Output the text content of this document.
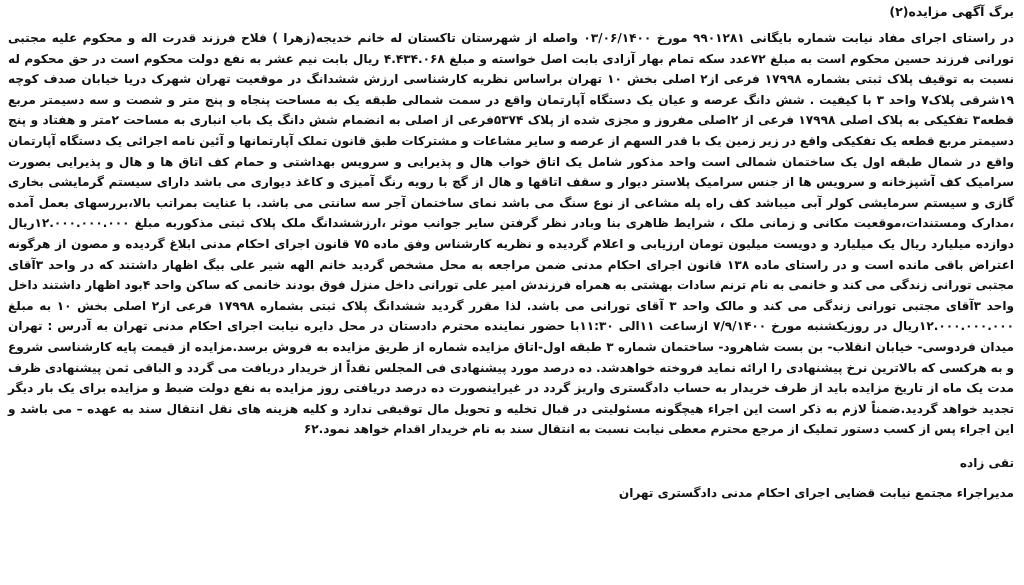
برگ آگهی مزایده(۲)

در راستای اجرای مفاد نیابت شماره بایگانی ۹۹۰۱۲۸۱ مورخ ۰۳/۰۶/۱۴۰۰ واصله از شهرستان تاکستان له خانم خدیجه(زهرا ) فلاح فرزند قدرت اله و محکوم علیه مجتبی تورانی فرزند حسین محکوم است به مبلغ ۷۲عدد سکه تمام بهار آزادی بابت اصل خواسته و مبلغ ۴.۴۳۴.۰۶۸ ریال بابت نیم عشر به نفع دولت محکوم است در حق محکوم له نسبت به توقیف پلاک ثبتی بشماره ۱۷۹۹۸ فرعی از۲ اصلی بخش ۱۰ تهران براساس نظریه کارشناسی ارزش ششدانگ در موقعیت تهران شهرک دریا خیابان صدف کوچه ۱۹شرقی پلاک۷ واحد ۳ با کیفیت . شش دانگ عرصه و عیان یک دستگاه آپارتمان واقع در سمت شمالی طبقه یک به مساحت پنجاه و پنج متر و شصت و سه دسیمتر مربع قطعه۳ تفکیکی به پلاک اصلی ۱۷۹۹۸ فرعی از ۲اصلی مفروز و مجزی شده از پلاک ۵۳۷۴فرعی از اصلی به انضمام شش دانگ یک باب انباری به مساحت ۲متر و هفتاد و پنج دسیمتر مربع قطعه یک تفکیکی واقع در زیر زمین یک با قدر السهم از عرصه و سایر مشاعات و مشترکات طبق قانون تملک آپارتمانها و آئین نامه اجرائی یک دستگاه آپارتمان واقع در شمال طبقه اول یک ساختمان شمالی است واحد مذکور شامل یک اتاق خواب هال و پذیرایی و سرویس بهداشتی و حمام کف اتاق ها و هال و پذیرایی بصورت سرامیک کف آشپزخانه و سرویس ها از جنس سرامیک پلاستر دیوار و سقف اتاقها و هال از گچ با رویه رنگ آمیزی و کاغذ دیواری می باشد دارای سیستم گرمایشی بخاری گازی و سیستم سرمایشی کولر آبی میباشد کف راه پله مشاعی از نوع سنگ می باشد نمای ساختمان آجر سه سانتی می باشد. با عنایت بمراتب بالا،بررسهای بعمل آمده ،مدارک ومستندات،موقعیت مکانی و زمانی ملک ، شرایط ظاهری بنا وبادر نظر گرفتن سایر جوانب موثر ،ارزششدانگ ملک پلاک ثبتی مذکوربه مبلغ ۱۲.۰۰۰.۰۰۰.۰۰۰ریال دوازده میلیارد ریال یک میلیارد و دویست میلیون تومان ارزیابی و اعلام گردیده و نظریه کارشناس وفق ماده ۷۵ قانون اجرای احکام مدنی ابلاغ گردیده و مصون از هرگونه اعتراض باقی مانده است و در راستای ماده ۱۳۸ قانون اجرای احکام مدنی ضمن مراجعه به محل مشخص گردید خانم الهه شیر علی بیگ اظهار داشتند که در واحد ۳آقای مجتبی تورانی زندگی می کند و خانمی به نام ترنم سادات بهشتی به همراه فرزندش امیر علی تورانی داخل منزل فوق بودند خانمی که ساکن واحد ۴بود اظهار داشتند داخل واحد ۳آقای مجتبی تورانی زندگی می کند و مالک واحد ۳ آقای تورانی می باشد. لذا مقرر گردید ششدانگ پلاک ثبتی بشماره ۱۷۹۹۸ فرعی از۲ اصلی بخش ۱۰ به مبلغ ۱۲.۰۰۰.۰۰۰.۰۰۰ریال در روزیکشنبه مورخ ۷/۹/۱۴۰۰ ازساعت ۱۱الی ۱۱:۳۰با حضور نماینده محترم دادستان در محل دایره نیابت اجرای احکام مدنی تهران به آدرس : تهران میدان فردوسی- خیابان انقلاب- بن بست شاهرود- ساختمان شماره ۳ طبقه اول-اتاق مزایده شماره از طریق مزایده به فروش برسد.مزایده از قیمت پایه کارشناسی شروع و به هرکسی که بالاترین نرخ پیشنهادی را ارائه نماید فروخته خواهدشد. ده درصد مورد پیشنهادی فی المجلس نقداً از خریدار دریافت می گردد و الباقی ثمن پیشنهادی ظرف مدت یک ماه از تاریخ مزایده باید از طرف خریدار به حساب دادگستری واریز گردد در غیراینصورت ده درصد دریافتی روز مزایده به نفع دولت ضبط و مزایده برای یک بار دیگر تجدید خواهد گردید.ضمناً لازم به ذکر است این اجراء هیچگونه مسئولیتی در قبال تخلیه و تحویل مال توقیفی ندارد و کلیه هزینه های نقل انتقال سند به عهده – می باشد و این اجراء پس از کسب دستور تملیک از مرجع محترم معطی نیابت نسبت به انتقال سند به نام خریدار اقدام خواهد نمود.۶۲

تقی زاده
مدیراجراء مجتمع نیابت قضایی اجرای احکام مدنی دادگستری تهران
